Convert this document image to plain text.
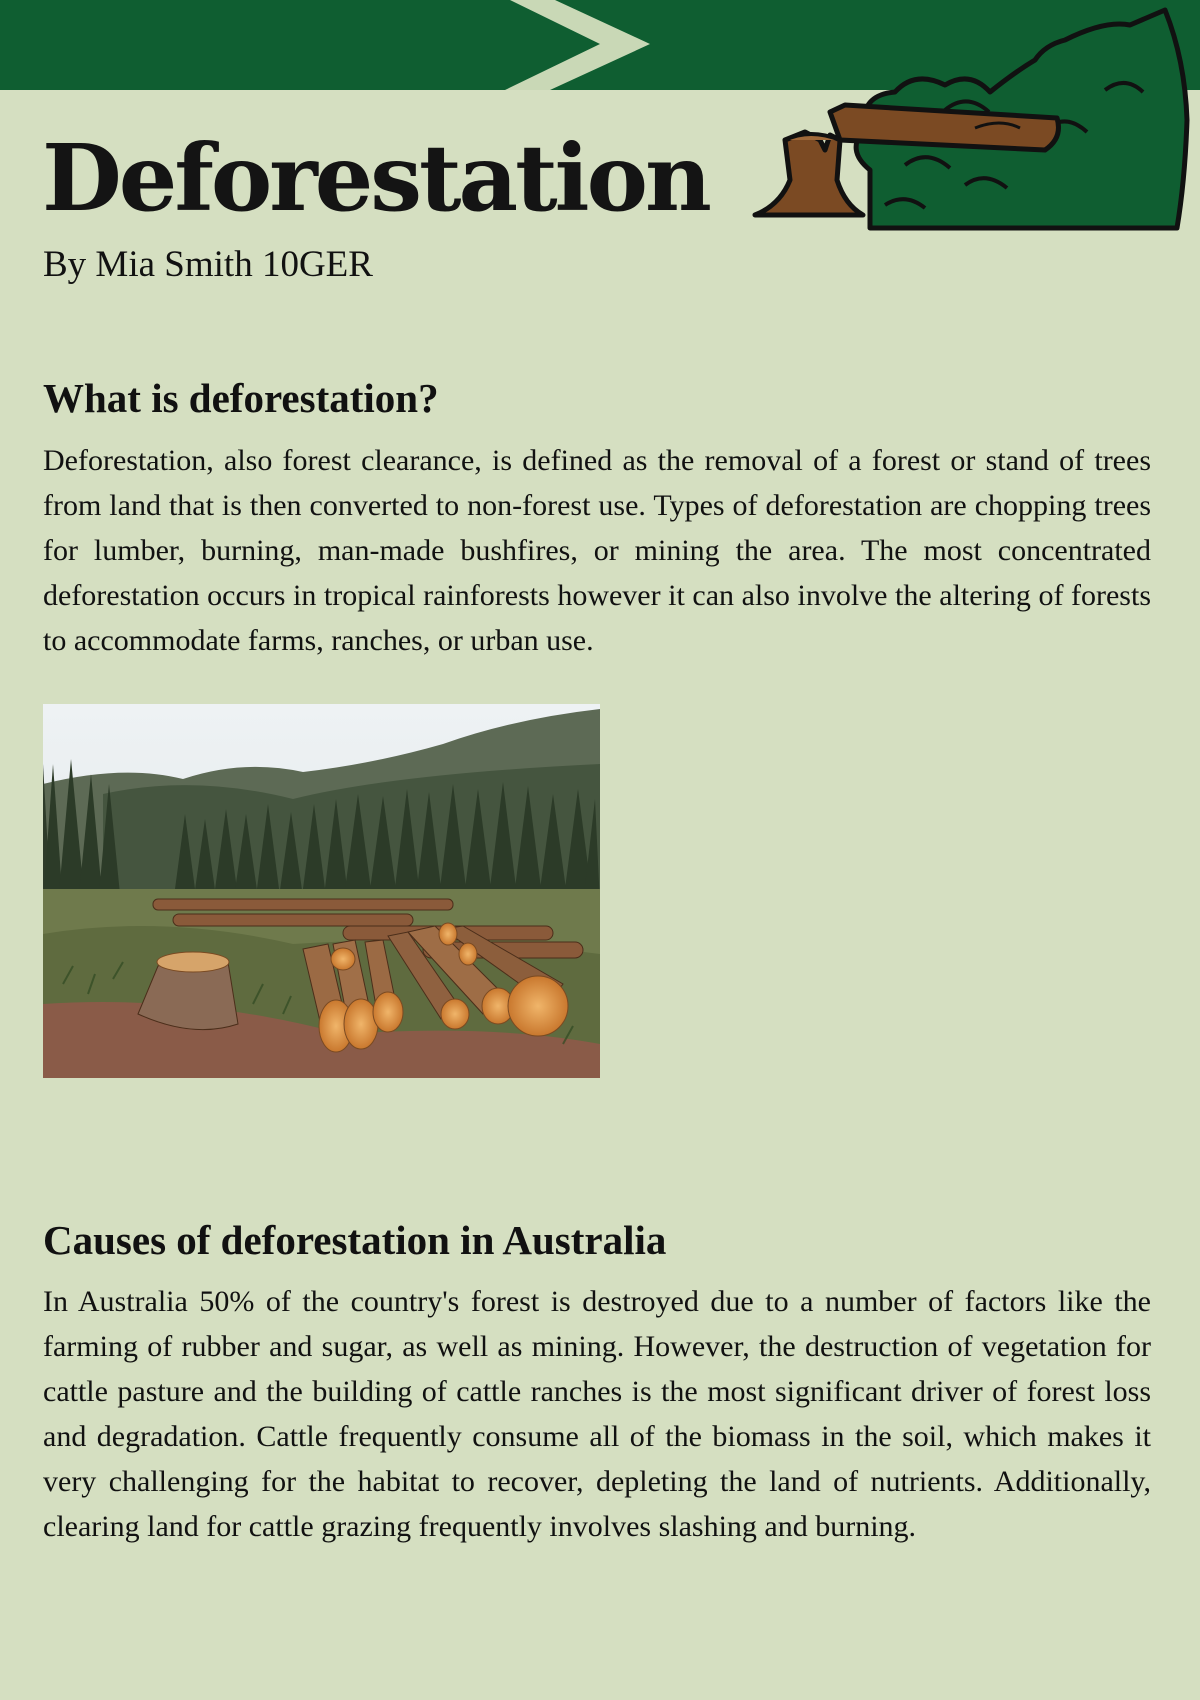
Deforestation

By Mia Smith 10GER

What is deforestation?

Deforestation, also forest clearance, is defined as the removal of a forest or stand of trees from land that is then converted to non-forest use. Types of deforestation are chopping trees for lumber, burning, man-made bushfires, or mining the area. The most concentrated deforestation occurs in tropical rainforests however it can also involve the altering of forests to accommodate farms, ranches, or urban use.

Causes of deforestation in Australia

In Australia 50% of the country's forest is destroyed due to a number of factors like the farming of rubber and sugar, as well as mining. However, the destruction of vegetation for cattle pasture and the building of cattle ranches is the most significant driver of forest loss and degradation. Cattle frequently consume all of the biomass in the soil, which makes it very challenging for the habitat to recover, depleting the land of nutrients. Additionally, clearing land for cattle grazing frequently involves slashing and burning.
